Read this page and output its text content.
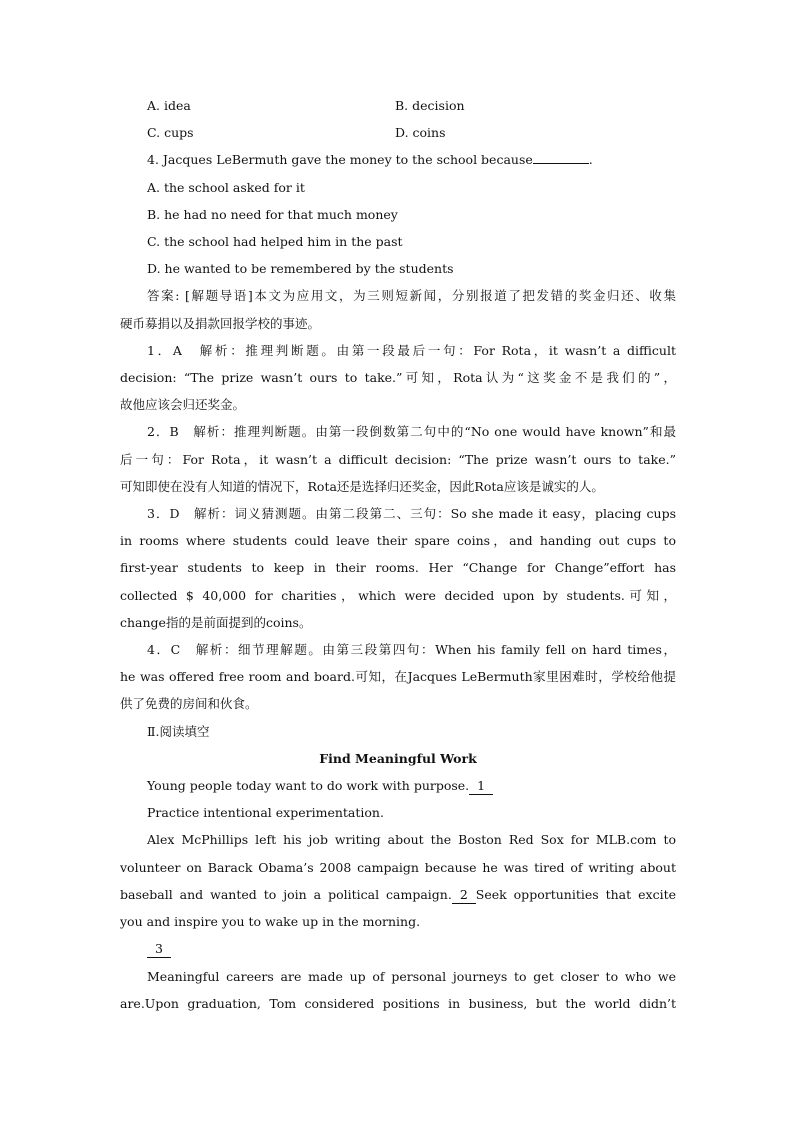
A. idea	B. decision
C. cups	D. coins
4. Jacques LeBermuth gave the money to the school because	.
A. the school asked for it
B. he had no need for that much money
C. the school had helped him in the past
D. he wanted to be remembered by the students
答案: [解题导语]本文为应用文，为三则短新闻，分别报道了把发错的奖金归还、收集
硬币募捐以及捐款回报学校的事迹。
1．A　解析：推理判断题。由第一段最后一句：For Rota，it wasn’t a difficult
decision: “The prize wasn’t ours to take.”可知，Rota认为“这奖金不是我们的”，
故他应该会归还奖金。
2．B　解析：推理判断题。由第一段倒数第二句中的“No one would have known”和最
后一句：For Rota，it wasn’t a difficult decision: “The prize wasn’t ours to take.”
可知即使在没有人知道的情况下，Rota还是选择归还奖金，因此Rota应该是诚实的人。
3．D　解析：词义猜测题。由第二段第二、三句：So she made it easy，placing cups
in rooms where students could leave their spare coins，and handing out cups to
first-year students to keep in their rooms. Her “Change for Change”effort has
collected $ 40,000 for charities，which were decided upon by students.可知，
change指的是前面提到的coins。
4．C　解析：细节理解题。由第三段第四句：When his family fell on hard times，
he was offered free room and board.可知，在Jacques LeBermuth家里困难时，学校给他提
供了免费的房间和伙食。
Ⅱ.阅读填空
Find Meaningful Work
Young people today want to do work with purpose. 1
Practice intentional experimentation.
Alex McPhillips left his job writing about the Boston Red Sox for MLB.com to
volunteer on Barack Obama’s 2008 campaign because he was tired of writing about
baseball and wanted to join a political campaign. 2 Seek opportunities that excite
you and inspire you to wake up in the morning.
3
Meaningful careers are made up of personal journeys to get closer to who we
are.Upon graduation, Tom considered positions in business, but the world didn’t
